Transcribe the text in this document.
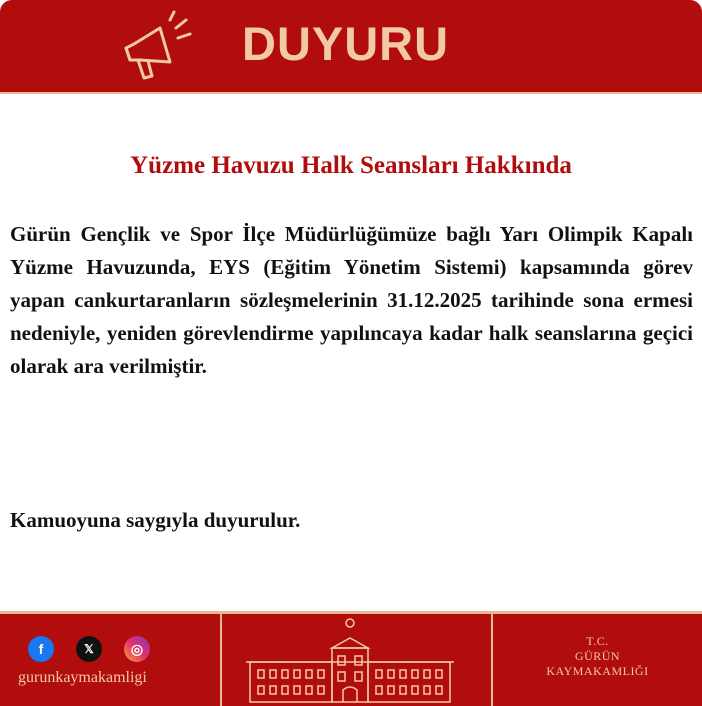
DUYURU
Yüzme Havuzu Halk Seansları Hakkında
Gürün Gençlik ve Spor İlçe Müdürlüğümüze bağlı Yarı Olimpik Kapalı Yüzme Havuzunda, EYS (Eğitim Yönetim Sistemi) kapsamında görev yapan cankurtaranların sözleşmelerinin 31.12.2025 tarihinde sona ermesi nedeniyle, yeniden görevlendirme yapılıncaya kadar halk seanslarına geçici olarak ara verilmiştir.
Kamuoyuna saygıyla duyurulur.
f	𝕏	◎
gurunkaymakamligi
T.C.
GÜRÜN
KAYMAKAMLIĞI
